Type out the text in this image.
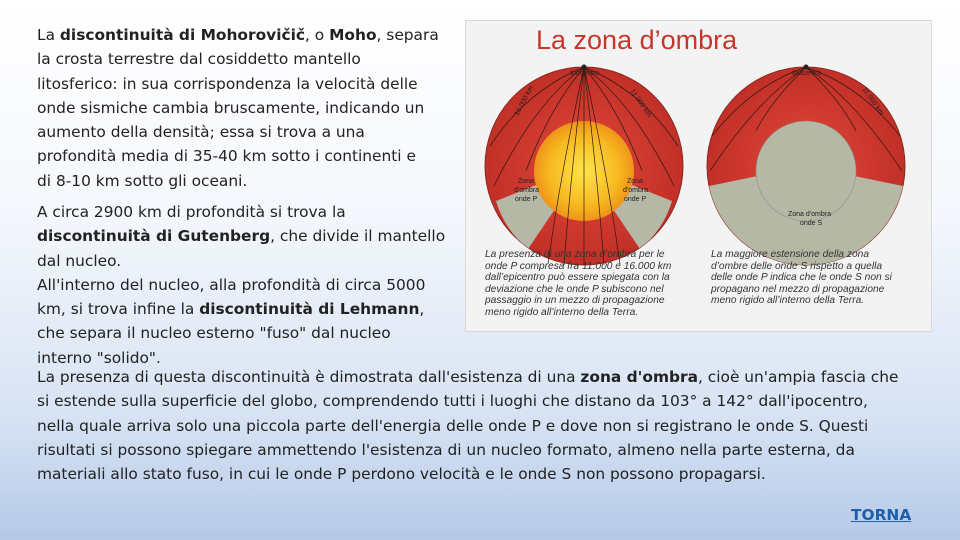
La discontinuità di Mohorovičič, o Moho, separa
la crosta terrestre dal cosiddetto mantello
litosferico: in sua corrispondenza la velocità delle
onde sismiche cambia bruscamente, indicando un
aumento della densità; essa si trova a una
profondità media di 35-40 km sotto i continenti e
di 8-10 km sotto gli oceani.

A circa 2900 km di profondità si trova la
discontinuità di Gutenberg, che divide il mantello
dal nucleo.
All'interno del nucleo, alla profondità di circa 5000
km, si trova infine la discontinuità di Lehmann,
che separa il nucleo esterno "fuso" dal nucleo
interno "solido".

La zona d’ombra
Ipocentro	Ipocentro
16.000 km	11.000 km	11.000 km
Zona
d'ombra
onde P
Zona
d'ombra
onde P
Zona d'ombra
onde S
La presenza di una zona d’ombra per le
onde P compresa fra 11.000 e 16.000 km
dall’epicentro può essere spiegata con la
deviazione che le onde P subiscono nel
passaggio in un mezzo di propagazione
meno rigido all’interno della Terra.
La maggiore estensione della zona
d’ombre delle onde S rispetto a quella
delle onde P indica che le onde S non si
propagano nel mezzo di propagazione
meno rigido all’interno della Terra.

La presenza di questa discontinuità è dimostrata dall'esistenza di una zona d'ombra, cioè un'ampia fascia che
si estende sulla superficie del globo, comprendendo tutti i luoghi che distano da 103° a 142° dall'ipocentro,
nella quale arriva solo una piccola parte dell'energia delle onde P e dove non si registrano le onde S. Questi
risultati si possono spiegare ammettendo l'esistenza di un nucleo formato, almeno nella parte esterna, da
materiali allo stato fuso, in cui le onde P perdono velocità e le onde S non possono propagarsi.

TORNA
